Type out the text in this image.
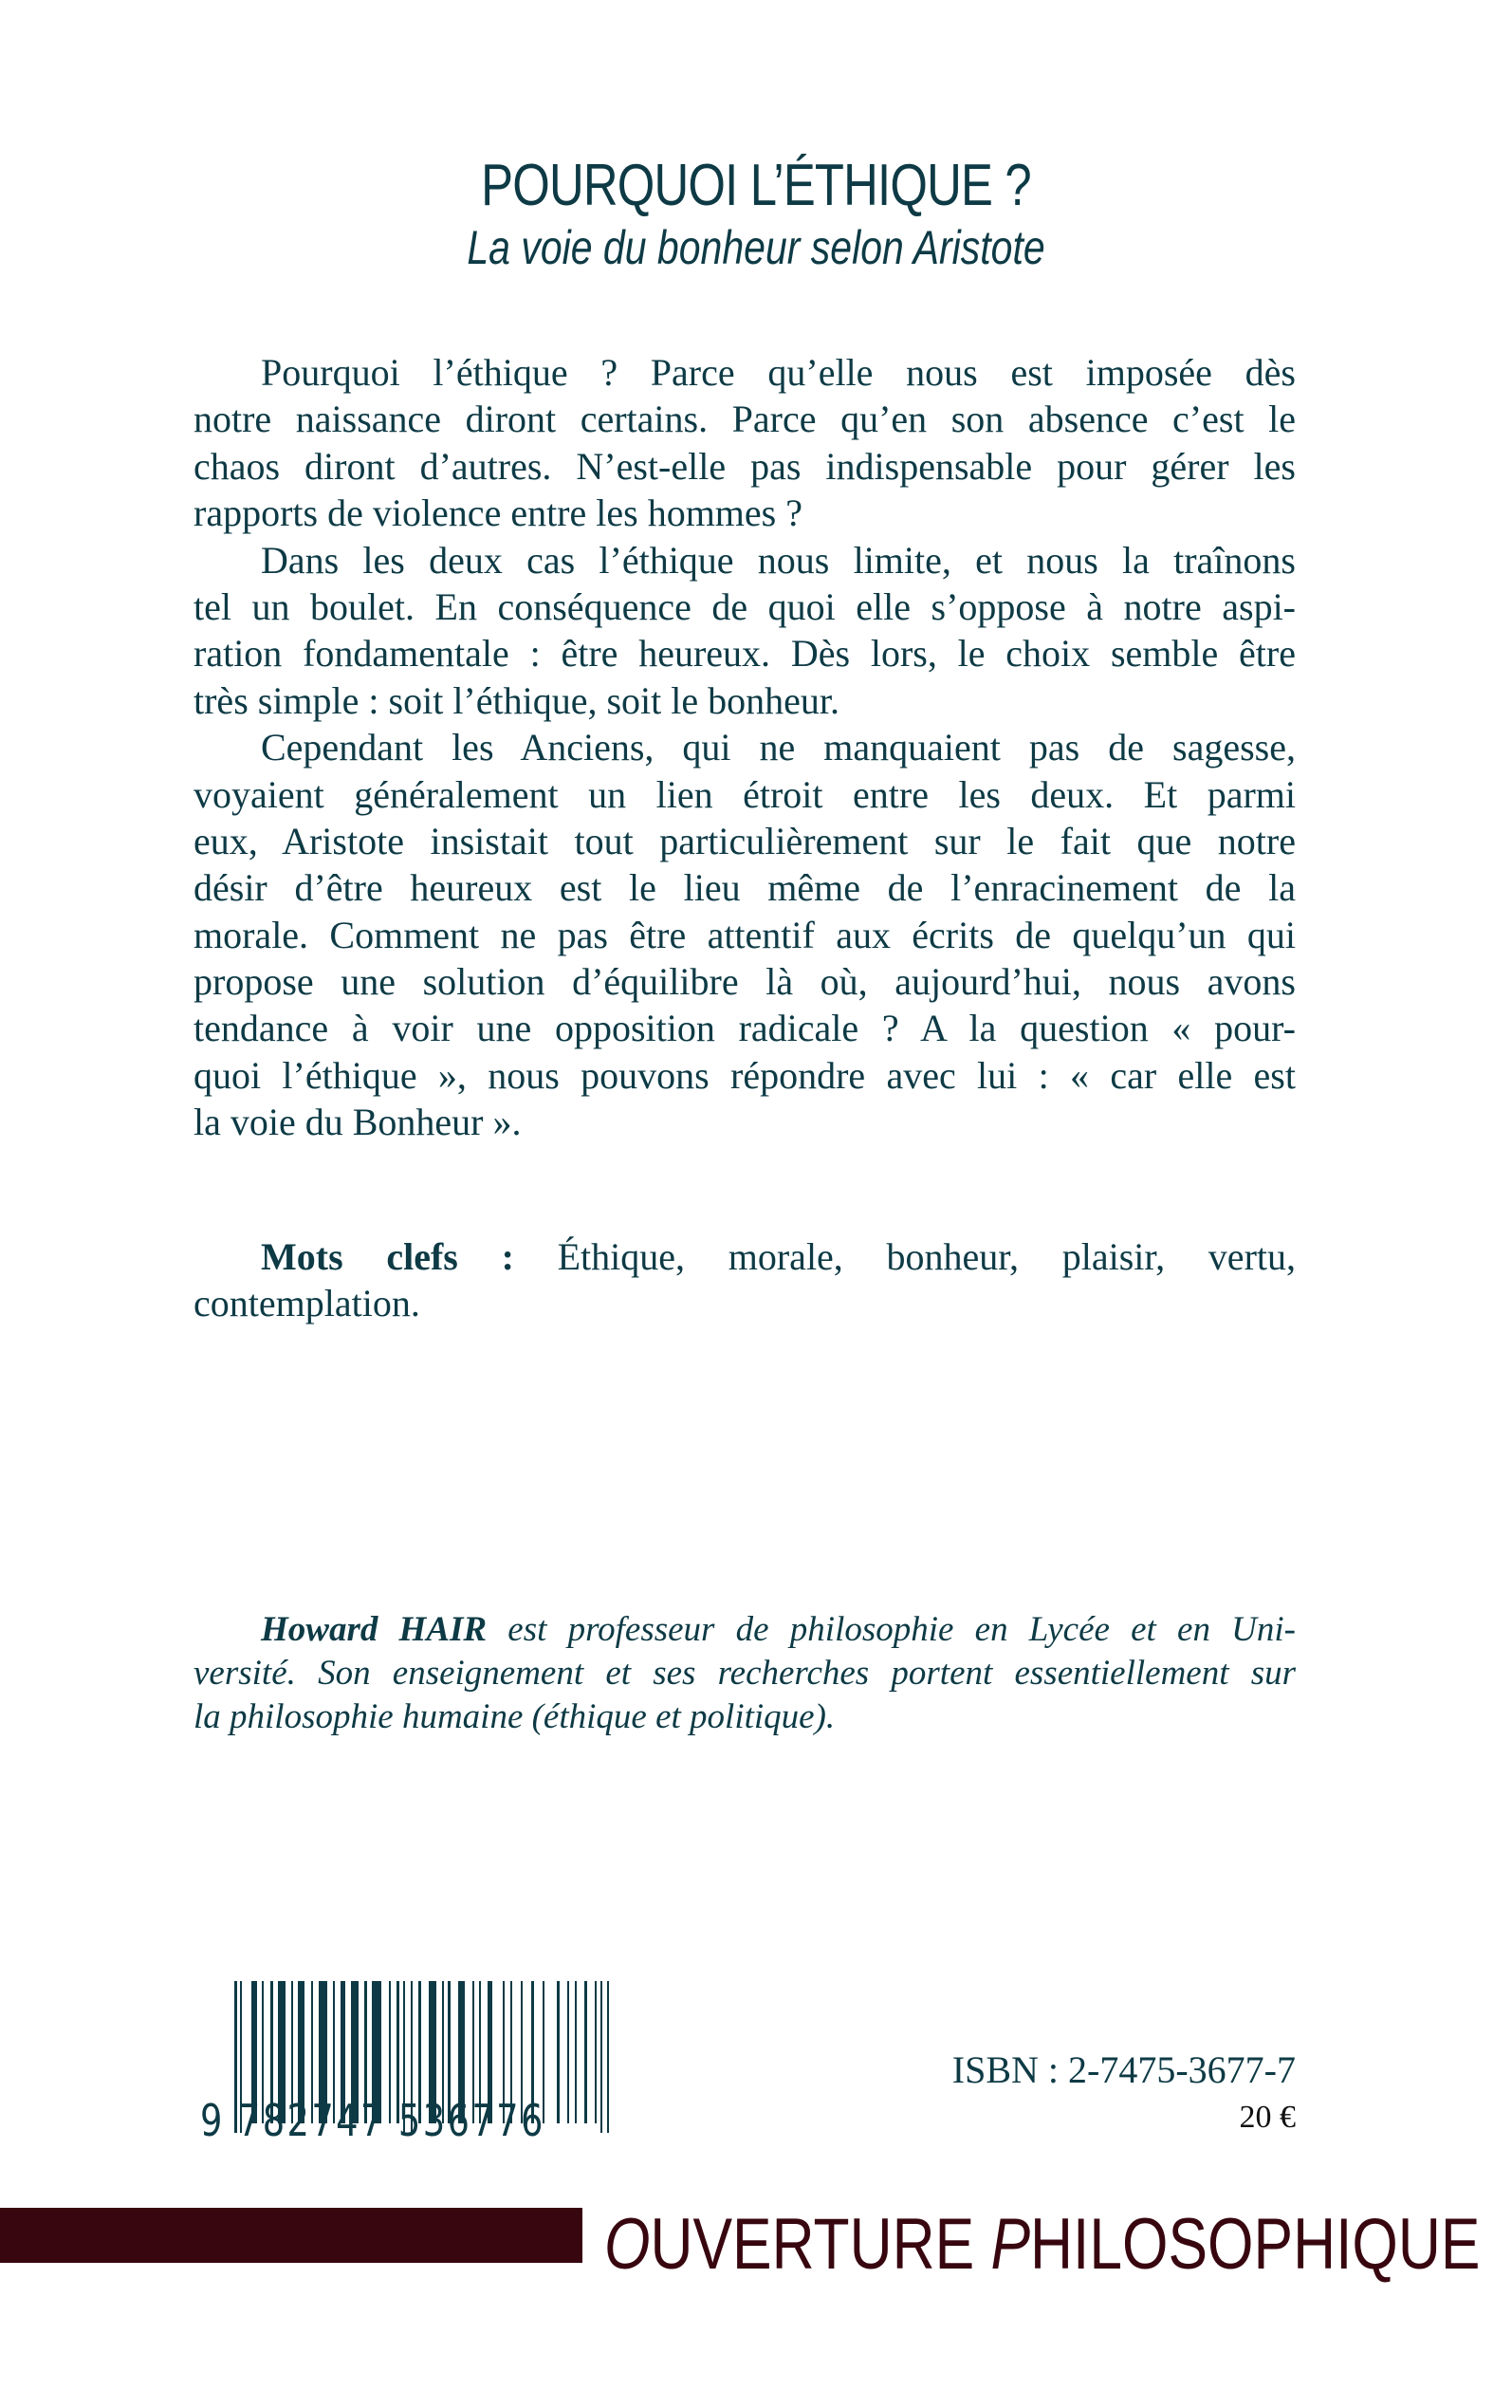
POURQUOI L’ÉTHIQUE ?
La voie du bonheur selon Aristote
Pourquoi l’éthique ? Parce qu’elle nous est imposée dès
notre naissance diront certains. Parce qu’en son absence c’est le
chaos diront d’autres. N’est-elle pas indispensable pour gérer les
rapports de violence entre les hommes ?
Dans les deux cas l’éthique nous limite, et nous la traînons
tel un boulet. En conséquence de quoi elle s’oppose à notre aspi-
ration fondamentale : être heureux. Dès lors, le choix semble être
très simple : soit l’éthique, soit le bonheur.
Cependant les Anciens, qui ne manquaient pas de sagesse,
voyaient généralement un lien étroit entre les deux. Et parmi
eux, Aristote insistait tout particulièrement sur le fait que notre
désir d’être heureux est le lieu même de l’enracinement de la
morale. Comment ne pas être attentif aux écrits de quelqu’un qui
propose une solution d’équilibre là où, aujourd’hui, nous avons
tendance à voir une opposition radicale ? A la question « pour-
quoi l’éthique », nous pouvons répondre avec lui : « car elle est
la voie du Bonheur ».
Mots clefs : Éthique, morale, bonheur, plaisir, vertu,
contemplation.
Howard HAIR est professeur de philosophie en Lycée et en Uni-
versité. Son enseignement et ses recherches portent essentiellement sur
la philosophie humaine (éthique et politique).
9 782747 536776
ISBN : 2-7475-3677-7
20 €
OUVERTURE PHILOSOPHIQUE
